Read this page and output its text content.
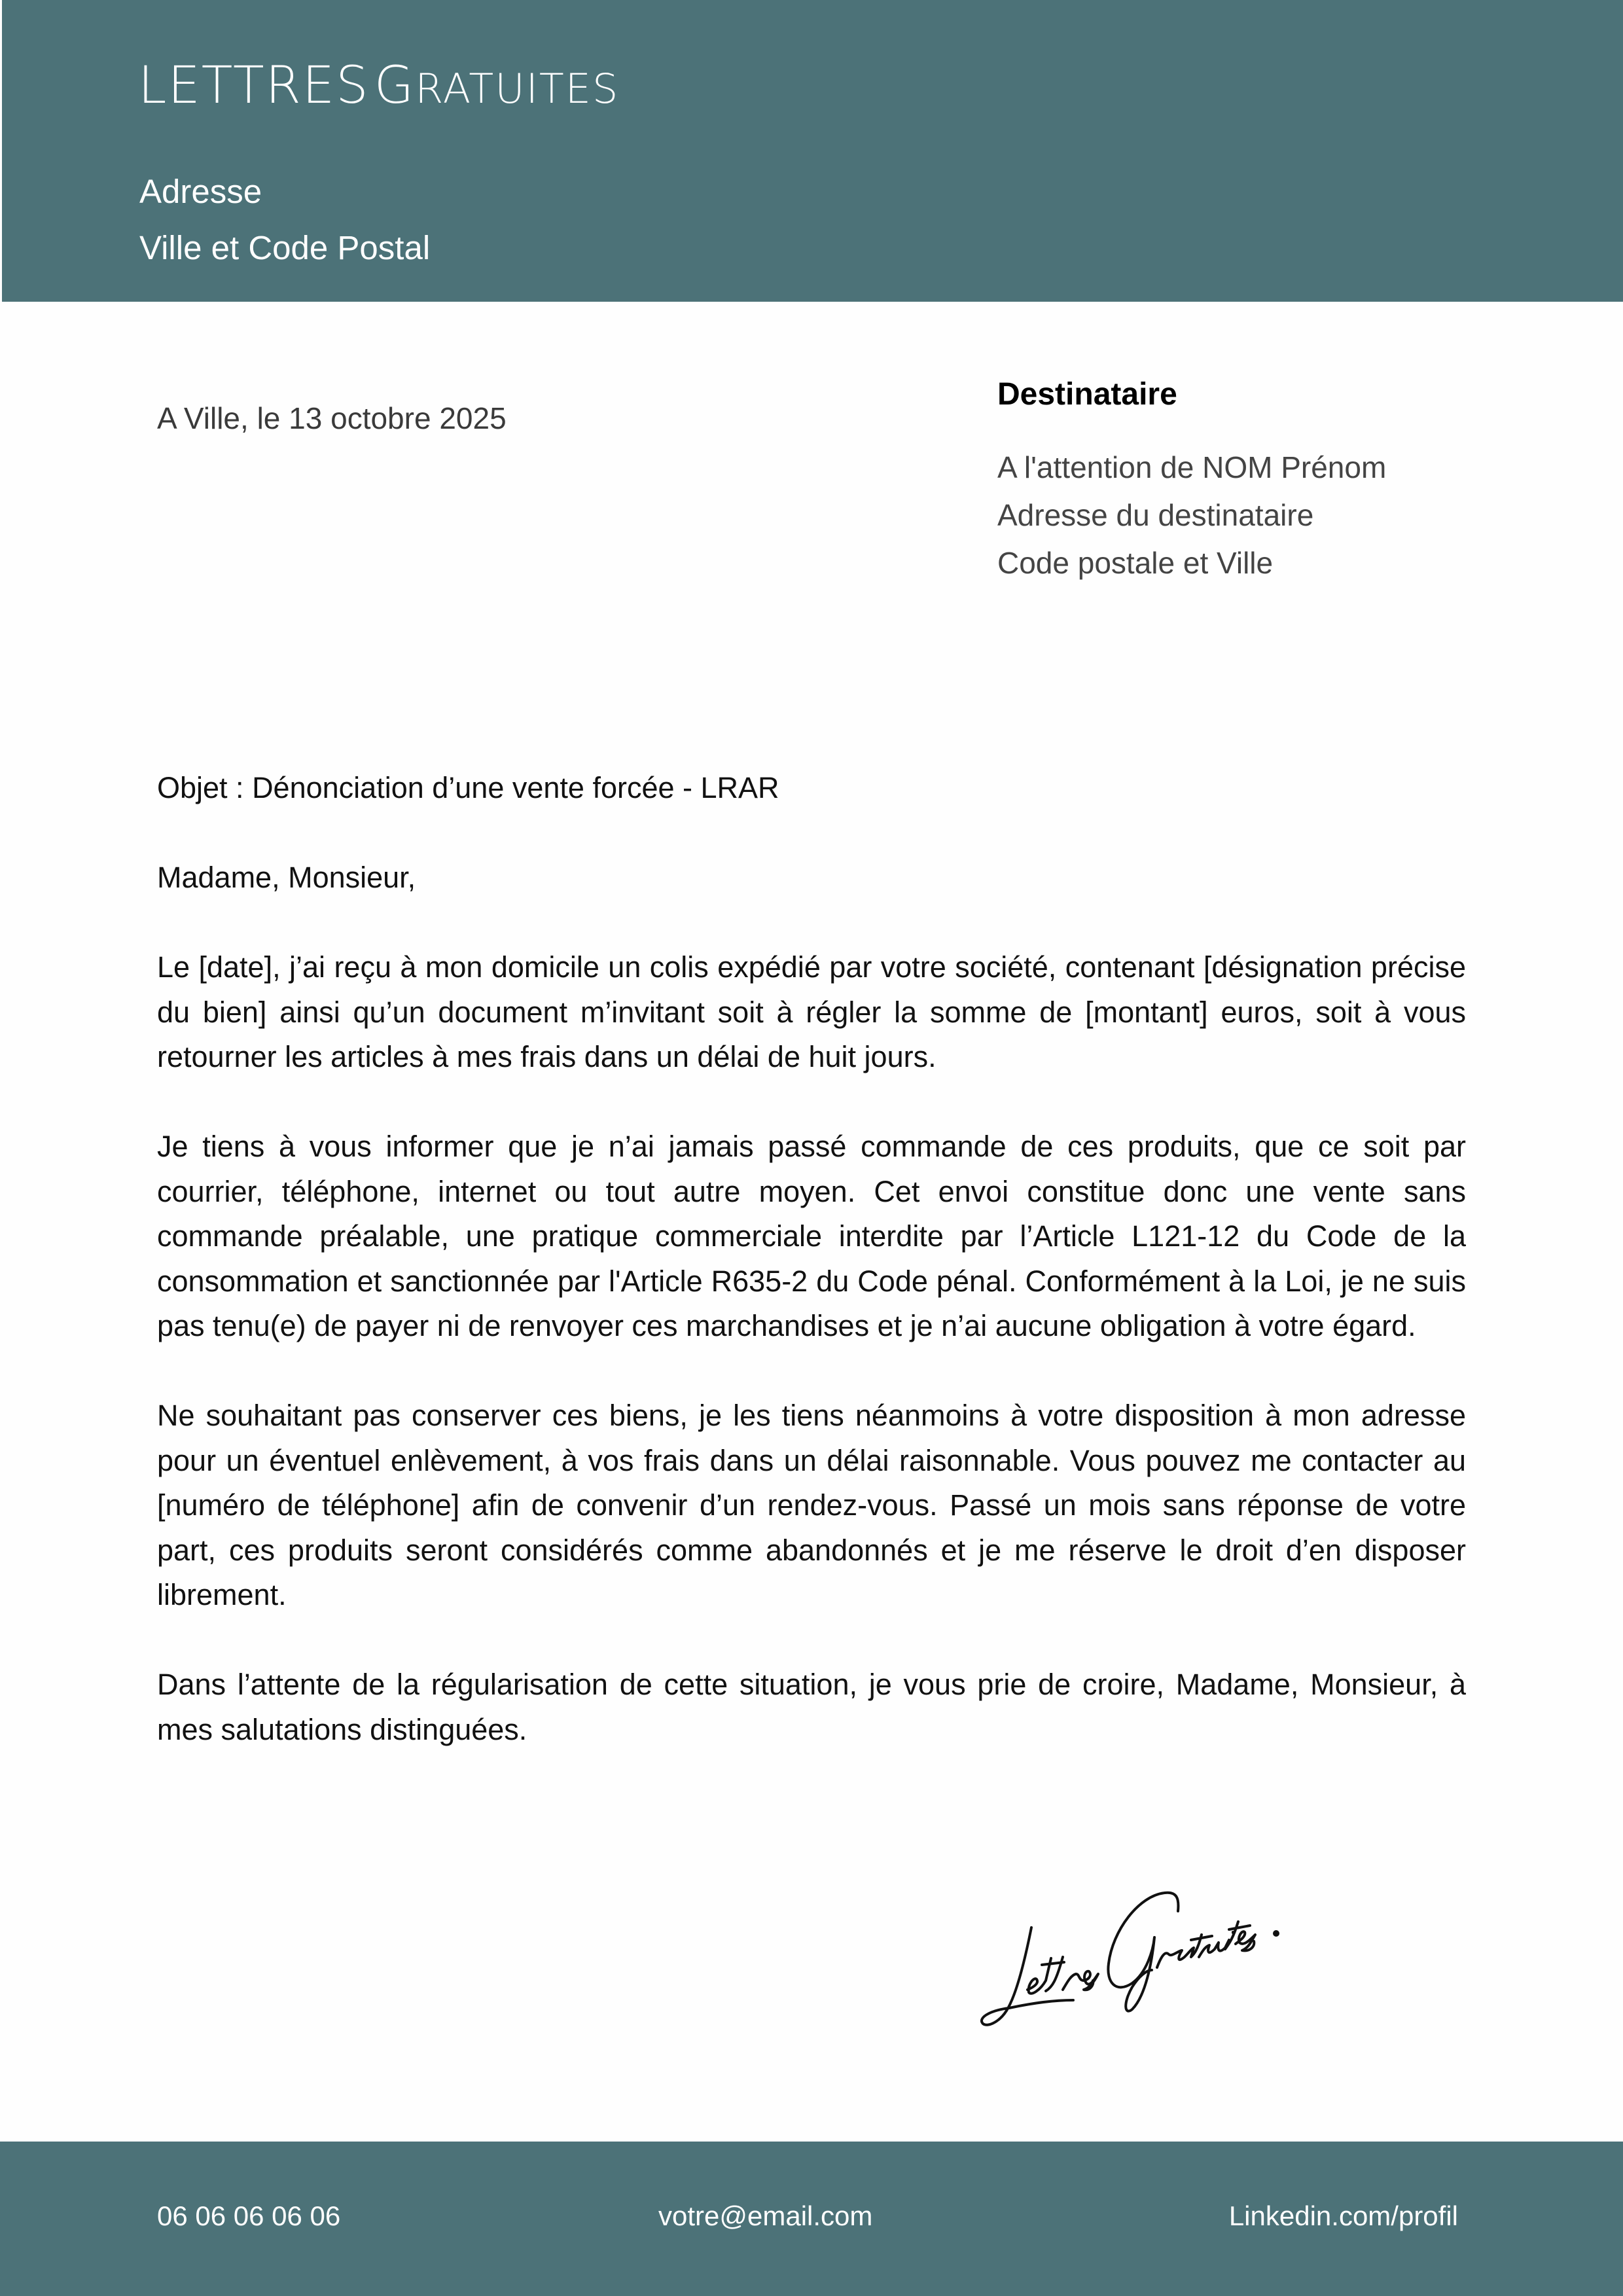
LETTRES GRATUITES
Adresse
Ville et Code Postal
A Ville, le 13 octobre 2025
Destinataire
A l'attention de NOM Prénom
Adresse du destinataire
Code postale et Ville

Objet : Dénonciation d’une vente forcée - LRAR

Madame, Monsieur,

Le [date], j’ai reçu à mon domicile un colis expédié par votre société, contenant [désignation précise du bien] ainsi qu’un document m’invitant soit à régler la somme de [montant] euros, soit à vous retourner les articles à mes frais dans un délai de huit jours.

Je tiens à vous informer que je n’ai jamais passé commande de ces produits, que ce soit par courrier, téléphone, internet ou tout autre moyen. Cet envoi constitue donc une vente sans commande préalable, une pratique commerciale interdite par l’Article L121-12 du Code de la consommation et sanctionnée par l'Article R635-2 du Code pénal. Conformément à la Loi, je ne suis pas tenu(e) de payer ni de renvoyer ces marchandises et je n’ai aucune obligation à votre égard.

Ne souhaitant pas conserver ces biens, je les tiens néanmoins à votre disposition à mon adresse pour un éventuel enlèvement, à vos frais dans un délai raisonnable. Vous pouvez me contacter au [numéro de téléphone] afin de convenir d’un rendez-vous. Passé un mois sans réponse de votre part, ces produits seront considérés comme abandonnés et je me réserve le droit d’en disposer librement.

Dans l’attente de la régularisation de cette situation, je vous prie de croire, Madame, Monsieur, à mes salutations distinguées.

06 06 06 06 06	votre@email.com	Linkedin.com/profil
